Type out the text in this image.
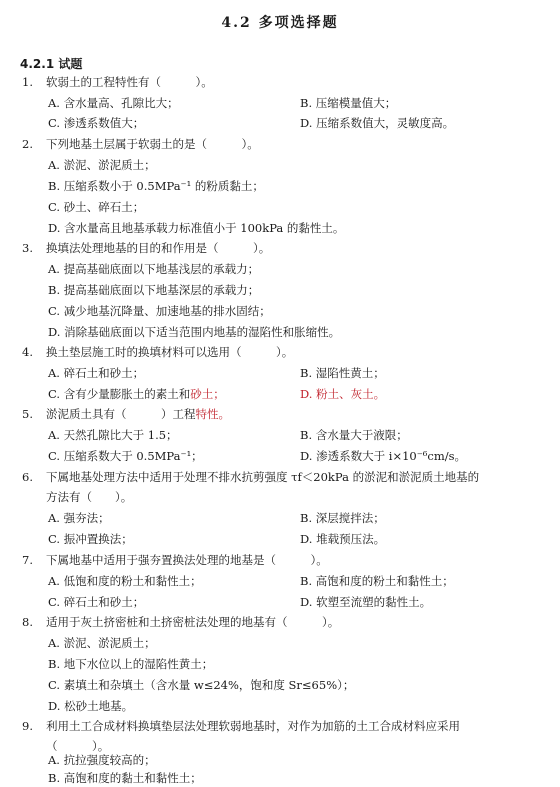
4.2 多项选择题
4.2.1 试题
1. 软弱土的工程特性有（　　　）。
A. 含水量高、孔隙比大；	B. 压缩模量值大；
C. 渗透系数值大；	D. 压缩系数值大，灵敏度高。
2. 下列地基土层属于软弱土的是（　　　）。
A. 淤泥、淤泥质土；
B. 压缩系数小于 0.5MPa⁻¹ 的粉质黏土；
C. 砂土、碎石土；
D. 含水量高且地基承载力标准值小于 100kPa 的黏性土。
3. 换填法处理地基的目的和作用是（　　　）。
A. 提高基础底面以下地基浅层的承载力；
B. 提高基础底面以下地基深层的承载力；
C. 减少地基沉降量、加速地基的排水固结；
D. 消除基础底面以下适当范围内地基的湿陷性和胀缩性。
4. 换土垫层施工时的换填材料可以选用（　　　）。
A. 碎石土和砂土；	B. 湿陷性黄土；
C. 含有少量膨胀土的素土和砂土；	D. 粉土、灰土。
5. 淤泥质土具有（　　　）工程特性。
A. 天然孔隙比大于 1.5；	B. 含水量大于液限；
C. 压缩系数大于 0.5MPa⁻¹；	D. 渗透系数大于 i×10⁻⁶cm/s。
6. 下属地基处理方法中适用于处理不排水抗剪强度 τf＜20kPa 的淤泥和淤泥质土地基的
方法有（　　）。
A. 强夯法；	B. 深层搅拌法；
C. 振冲置换法；	D. 堆载预压法。
7. 下属地基中适用于强夯置换法处理的地基是（　　　）。
A. 低饱和度的粉土和黏性土；	B. 高饱和度的粉土和黏性土；
C. 碎石土和砂土；	D. 软塑至流塑的黏性土。
8. 适用于灰土挤密桩和土挤密桩法处理的地基有（　　　）。
A. 淤泥、淤泥质土；
B. 地下水位以上的湿陷性黄土；
C. 素填土和杂填土（含水量 w≤24%，饱和度 Sr≤65%）；
D. 松砂土地基。
9. 利用土工合成材料换填垫层法处理软弱地基时，对作为加筋的土工合成材料应采用
（　　　）。
A. 抗拉强度较高的；
B. 高饱和度的黏土和黏性土；
